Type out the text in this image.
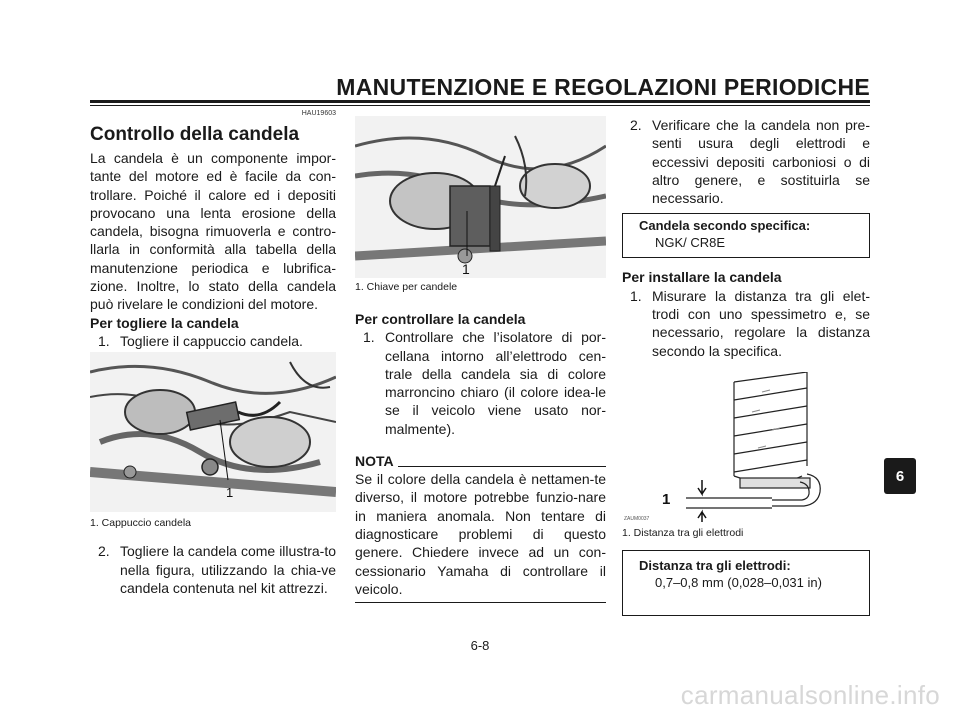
MANUTENZIONE E REGOLAZIONI PERIODICHE
HAU19603
Controllo della candela

La candela è un componente impor-tante del motore ed è facile da con-trollare. Poiché il calore ed i depositi provocano una lenta erosione della candela, bisogna rimuoverla e contro-llarla in conformità alla tabella della manutenzione periodica e lubrifica-zione. Inoltre, lo stato della candela può rivelare le condizioni del motore.

Per togliere la candela
1. Togliere il cappuccio candela.
1
1. Cappuccio candela
2. Togliere la candela come illustra-to nella figura, utilizzando la chia-ve candela contenuta nel kit attrezzi.
1
1. Chiave per candele
Per controllare la candela
1. Controllare che l’isolatore di por-cellana intorno all’elettrodo cen-trale della candela sia di colore marroncino chiaro (il colore idea-le se il veicolo viene usato nor-malmente).
NOTA

Se il colore della candela è nettamen-te diverso, il motore potrebbe funzio-nare in maniera anomala. Non tentare di diagnosticare problemi di questo genere. Chiedere invece ad un con-cessionario Yamaha di controllare il veicolo.

2. Verificare che la candela non pre-senti usura degli elettrodi e eccessivi depositi carboniosi o di altro genere, e sostituirla se necessario.
Candela secondo specifica:
NGK/ CR8E
Per installare la candela
1. Misurare la distanza tra gli elet-trodi con uno spessimetro e, se necessario, regolare la distanza secondo la specifica.
1
ZAUM0037
1. Distanza tra gli elettrodi
Distanza tra gli elettrodi:
0,7–0,8 mm (0,028–0,031 in)
6-8
6
carmanualsonline.info
